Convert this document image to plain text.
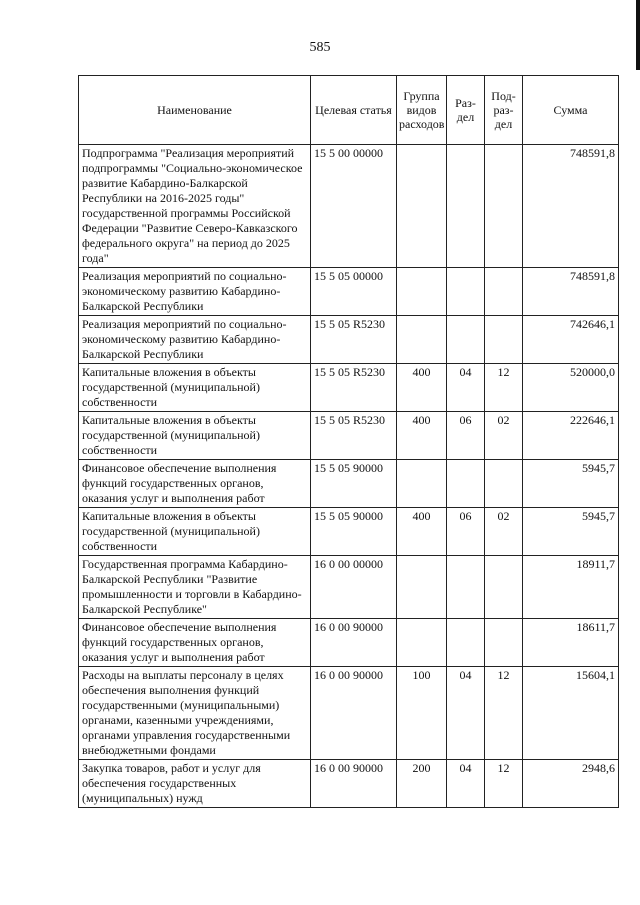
585
Наименование	Целевая статья	Группа видов расходов	Раз-дел	Под-раз-дел	Сумма
Подпрограмма "Реализация мероприятий подпрограммы "Социально-экономическое развитие Кабардино-Балкарской Республики на 2016-2025 годы" государственной программы Российской Федерации "Развитие Северо-Кавказского федерального округа" на период до 2025 года"	15 5 00 00000				748591,8
Реализация мероприятий по социально-экономическому развитию Кабардино-Балкарской Республики	15 5 05 00000				748591,8
Реализация мероприятий по социально-экономическому развитию Кабардино-Балкарской Республики	15 5 05 R5230				742646,1
Капитальные вложения в объекты государственной (муниципальной) собственности	15 5 05 R5230	400	04	12	520000,0
Капитальные вложения в объекты государственной (муниципальной) собственности	15 5 05 R5230	400	06	02	222646,1
Финансовое обеспечение выполнения функций государственных органов, оказания услуг и выполнения работ	15 5 05 90000				5945,7
Капитальные вложения в объекты государственной (муниципальной) собственности	15 5 05 90000	400	06	02	5945,7
Государственная программа Кабардино-Балкарской Республики "Развитие промышленности и торговли в Кабардино-Балкарской Республике"	16 0 00 00000				18911,7
Финансовое обеспечение выполнения функций государственных органов, оказания услуг и выполнения работ	16 0 00 90000				18611,7
Расходы на выплаты персоналу в целях обеспечения выполнения функций государственными (муниципальными) органами, казенными учреждениями, органами управления государственными внебюджетными фондами	16 0 00 90000	100	04	12	15604,1
Закупка товаров, работ и услуг для обеспечения государственных (муниципальных) нужд	16 0 00 90000	200	04	12	2948,6
